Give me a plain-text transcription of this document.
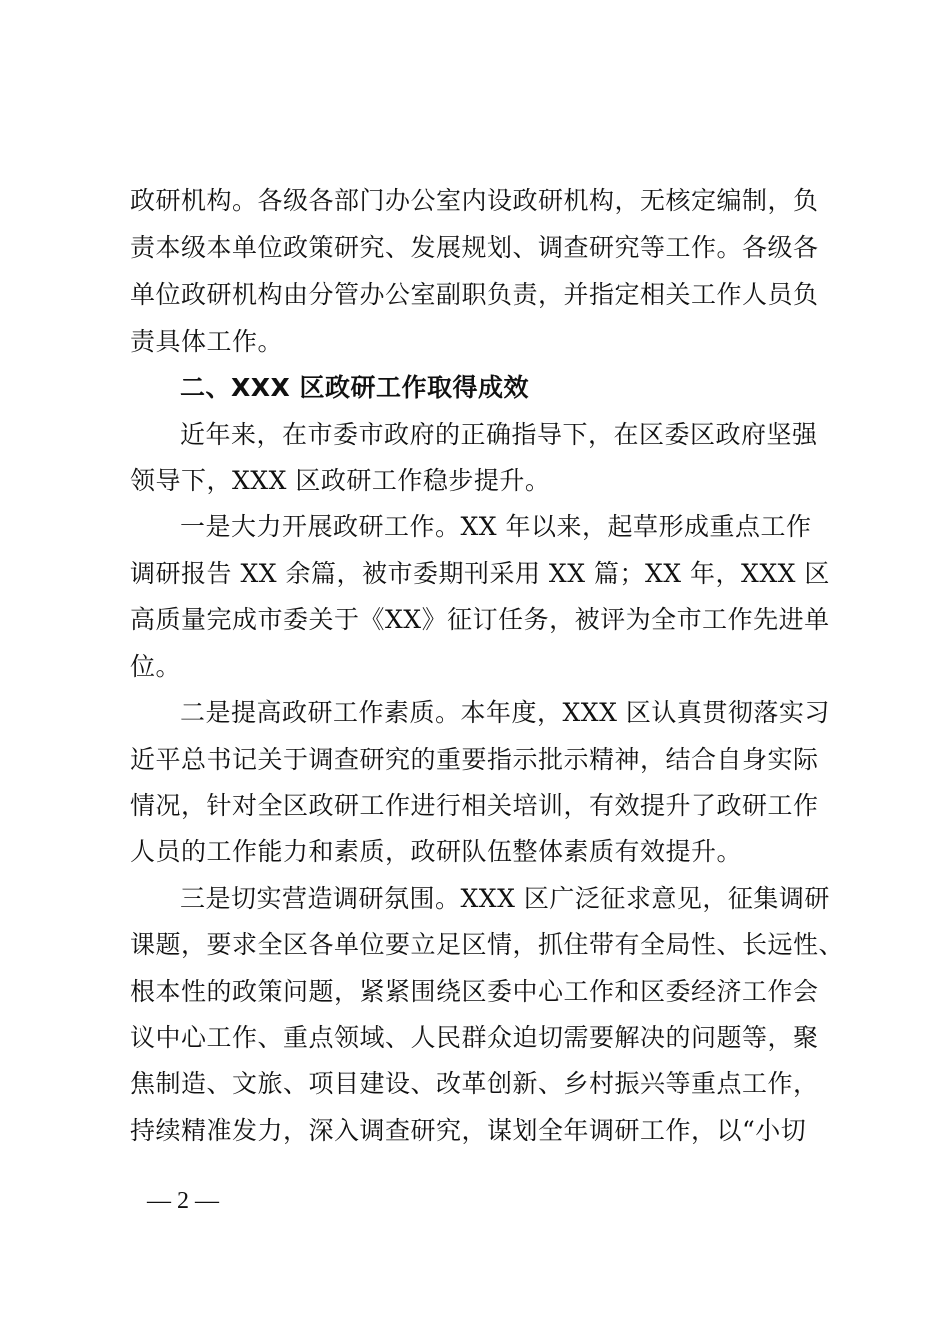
政研机构。各级各部门办公室内设政研机构，无核定编制，负
责本级本单位政策研究、发展规划、调查研究等工作。各级各
单位政研机构由分管办公室副职负责，并指定相关工作人员负
责具体工作。
二、XXX 区政研工作取得成效
近年来，在市委市政府的正确指导下，在区委区政府坚强
领导下，XXX 区政研工作稳步提升。
一是大力开展政研工作。XX 年以来，起草形成重点工作
调研报告 XX 余篇，被市委期刊采用 XX 篇；XX 年，XXX 区
高质量完成市委关于《XX》征订任务，被评为全市工作先进单
位。
二是提高政研工作素质。本年度，XXX 区认真贯彻落实习
近平总书记关于调查研究的重要指示批示精神，结合自身实际
情况，针对全区政研工作进行相关培训，有效提升了政研工作
人员的工作能力和素质，政研队伍整体素质有效提升。
三是切实营造调研氛围。XXX 区广泛征求意见，征集调研
课题，要求全区各单位要立足区情，抓住带有全局性、长远性、
根本性的政策问题，紧紧围绕区委中心工作和区委经济工作会
议中心工作、重点领域、人民群众迫切需要解决的问题等，聚
焦制造、文旅、项目建设、改革创新、乡村振兴等重点工作，
持续精准发力，深入调查研究，谋划全年调研工作，以“小切
— 2 —
